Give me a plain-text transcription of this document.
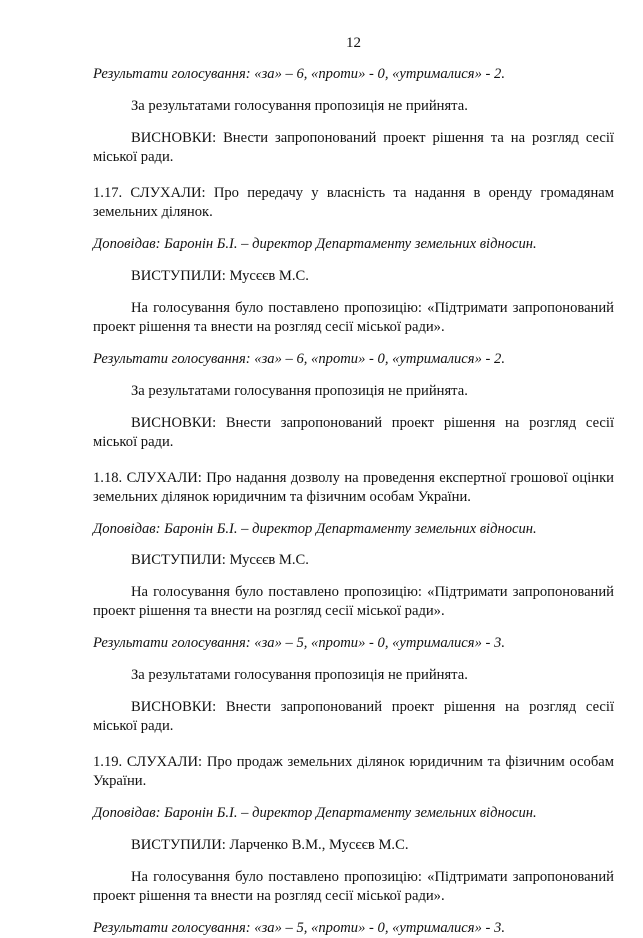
12

Результати голосування: «за» – 6, «проти» - 0, «утрималися» - 2.

За результатами голосування пропозиція не прийнята.

ВИСНОВКИ: Внести запропонований проект рішення та на розгляд сесії міської ради.

1.17. СЛУХАЛИ: Про передачу у власність та надання в оренду громадянам земельних ділянок.

Доповідав: Баронін Б.І. – директор Департаменту земельних відносин.

ВИСТУПИЛИ: Мусєєв М.С.

На голосування було поставлено пропозицію: «Підтримати запропонований проект рішення та внести на розгляд сесії міської ради».

Результати голосування: «за» – 6, «проти» - 0, «утрималися» - 2.

За результатами голосування пропозиція не прийнята.

ВИСНОВКИ: Внести запропонований проект рішення на розгляд сесії міської ради.

1.18. СЛУХАЛИ: Про надання дозволу на проведення експертної грошової оцінки земельних ділянок юридичним та фізичним особам України.

Доповідав: Баронін Б.І. – директор Департаменту земельних відносин.

ВИСТУПИЛИ: Мусєєв М.С.

На голосування було поставлено пропозицію: «Підтримати запропонований проект рішення та внести на розгляд сесії міської ради».

Результати голосування: «за» – 5, «проти» - 0, «утрималися» - 3.

За результатами голосування пропозиція не прийнята.

ВИСНОВКИ: Внести запропонований проект рішення на розгляд сесії міської ради.

1.19. СЛУХАЛИ: Про продаж земельних ділянок юридичним та фізичним особам України.

Доповідав: Баронін Б.І. – директор Департаменту земельних відносин.

ВИСТУПИЛИ: Ларченко В.М., Мусєєв М.С.

На голосування було поставлено пропозицію: «Підтримати запропонований проект рішення та внести на розгляд сесії міської ради».

Результати голосування: «за» – 5, «проти» - 0, «утрималися» - 3.
